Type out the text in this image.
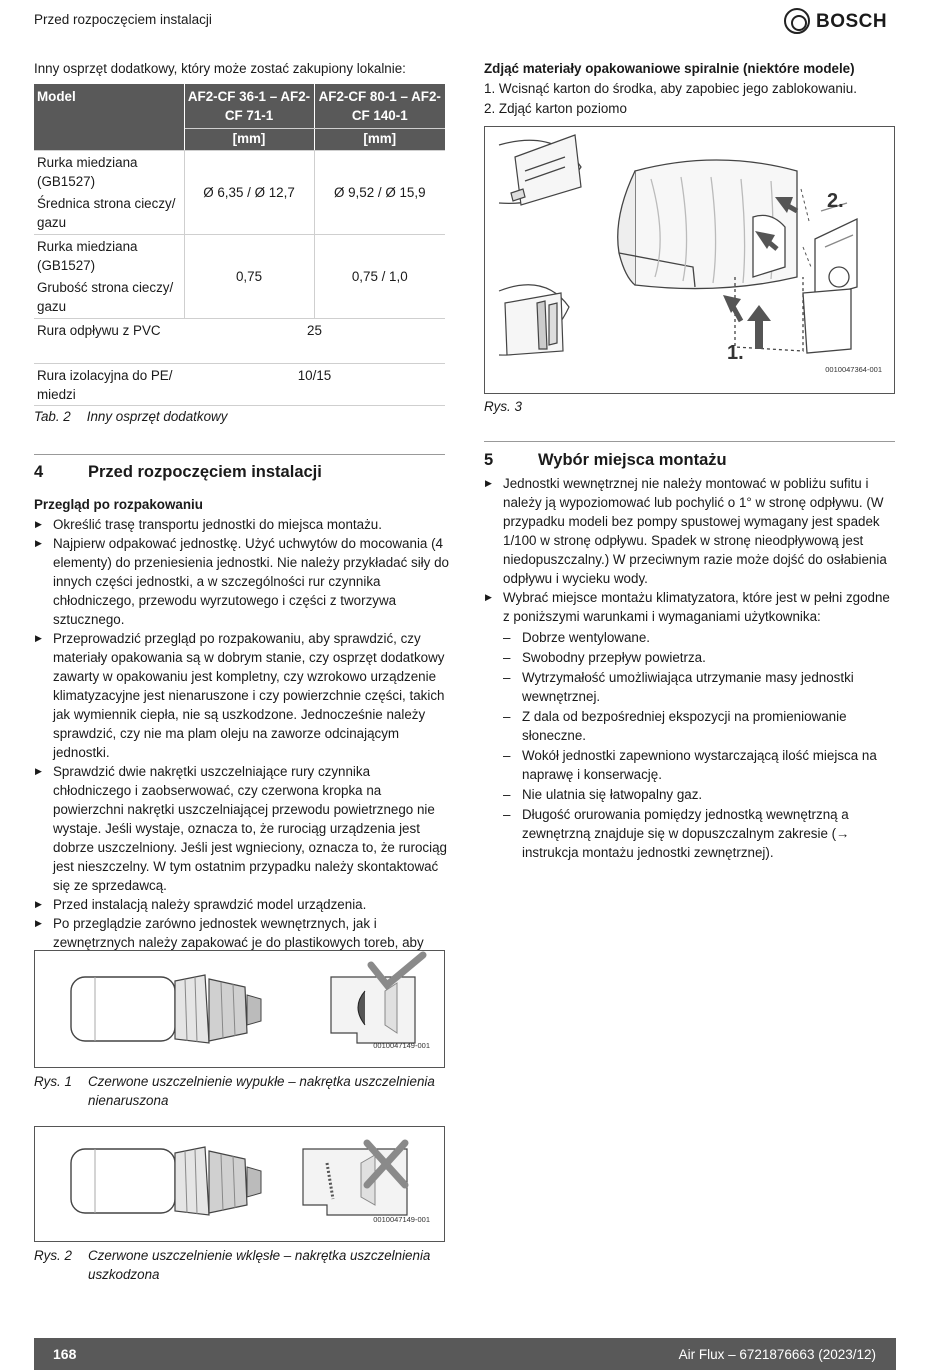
Przed rozpoczęciem instalacji	BOSCH
Inny osprzęt dodatkowy, który może zostać zakupiony lokalnie:
Model	AF2-CF 36-1 – AF2-CF 71-1	AF2-CF 80-1 – AF2-CF 140-1
	[mm]	[mm]

Rurka miedziana (GB1527)
Średnica strona cieczy/ gazu	Ø 6,35 / Ø 12,7	Ø 9,52 / Ø 15,9

Rurka miedziana (GB1527)
Grubość strona cieczy/ gazu	0,75	0,75 / 1,0
Rura odpływu z PVC	25	
Rura izolacyjna do PE/ miedzi	10/15	
Tab. 2 Inny osprzęt dodatkowy
4	Przed rozpoczęciem instalacji
Przegląd po rozpakowaniu
▶ Określić trasę transportu jednostki do miejsca montażu.
▶ Najpierw odpakować jednostkę. Użyć uchwytów do mocowania (4 elementy) do przeniesienia jednostki. Nie należy przykładać siły do innych części jednostki, a w szczególności rur czynnika chłodniczego, przewodu wyrzutowego i części z tworzywa sztucznego.
▶ Przeprowadzić przegląd po rozpakowaniu, aby sprawdzić, czy materiały opakowania są w dobrym stanie, czy osprzęt dodatkowy zawarty w opakowaniu jest kompletny, czy wzrokowo urządzenie klimatyzacyjne jest nienaruszone i czy powierzchnie części, takich jak wymiennik ciepła, nie są uszkodzone. Jednocześnie należy sprawdzić, czy nie ma plam oleju na zaworze odcinającym jednostki.
▶ Sprawdzić dwie nakrętki uszczelniające rury czynnika chłodniczego i zaobserwować, czy czerwona kropka na powierzchni nakrętki uszczelniającej przewodu powietrznego nie wystaje. Jeśli wystaje, oznacza to, że rurociąg urządzenia jest dobrze uszczelniony. Jeśli jest wgnieciony, oznacza to, że rurociąg jest nieszczelny. W tym ostatnim przypadku należy skontaktować się ze sprzedawcą.
▶ Przed instalacją należy sprawdzić model urządzenia.
▶ Po przeglądzie zarówno jednostek wewnętrznych, jak i zewnętrznych należy zapakować je do plastikowych toreb, aby
0010047149-001
Rys. 1	Czerwone uszczelnienie wypukłe – nakrętka uszczelnienia nienaruszona
0010047149-001
Rys. 2	Czerwone uszczelnienie wklęsłe – nakrętka uszczelnienia uszkodzona
Zdjąć materiały opakowaniowe spiralnie (niektóre modele)
1. Wcisnąć karton do środka, aby zapobiec jego zablokowaniu.
2. Zdjąć karton poziomo
1.
2.
0010047364-001
Rys. 3
5	Wybór miejsca montażu
▶ Jednostki wewnętrznej nie należy montować w pobliżu sufitu i należy ją wypoziomować lub pochylić o 1° w stronę odpływu. (W przypadku modeli bez pompy spustowej wymagany jest spadek 1/100 w stronę odpływu. Spadek w stronę nieodpływową jest niedopuszczalny.) W przeciwnym razie może dojść do osłabienia odpływu i wycieku wody.
▶ Wybrać miejsce montażu klimatyzatora, które jest w pełni zgodne z poniższymi warunkami i wymaganiami użytkownika:
– Dobrze wentylowane.
– Swobodny przepływ powietrza.
– Wytrzymałość umożliwiająca utrzymanie masy jednostki wewnętrznej.
– Z dala od bezpośredniej ekspozycji na promieniowanie słoneczne.
– Wokół jednostki zapewniono wystarczającą ilość miejsca na naprawę i konserwację.
– Nie ulatnia się łatwopalny gaz.
– Długość orurowania pomiędzy jednostką wewnętrzną a zewnętrzną znajduje się w dopuszczalnym zakresie (→ instrukcja montażu jednostki zewnętrznej).
168	Air Flux – 6721876663 (2023/12)
